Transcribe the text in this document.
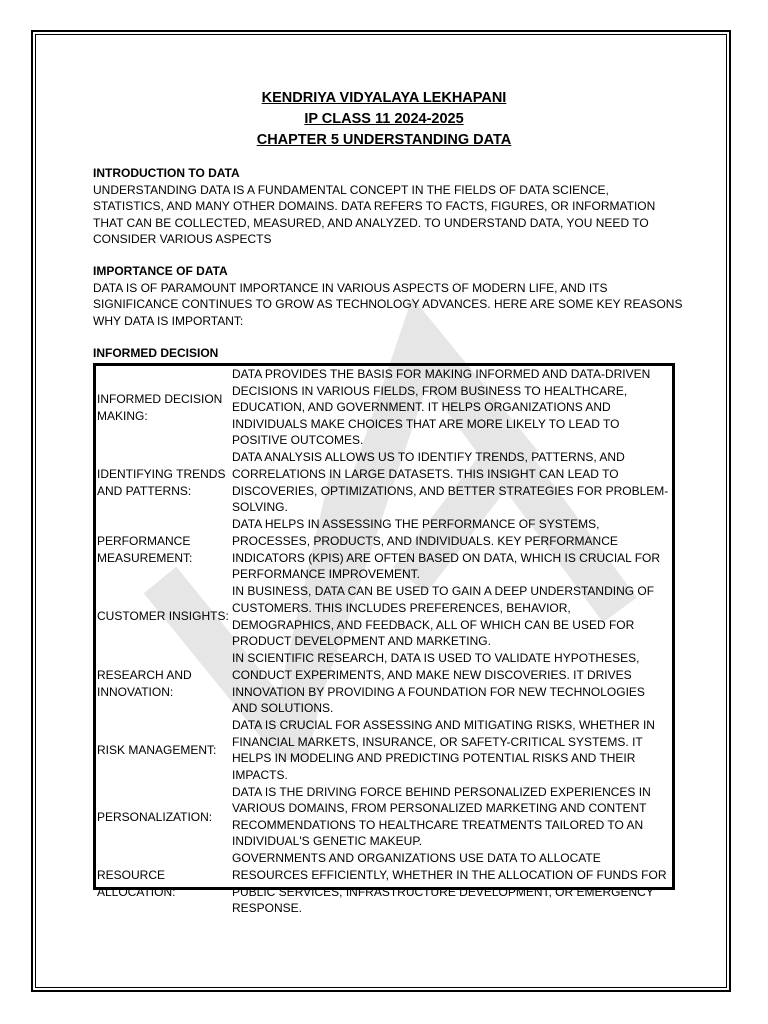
KENDRIYA VIDYALAYA LEKHAPANI
IP CLASS 11 2024-2025
CHAPTER 5 UNDERSTANDING DATA
INTRODUCTION TO DATA
UNDERSTANDING DATA IS A FUNDAMENTAL CONCEPT IN THE FIELDS OF DATA SCIENCE, STATISTICS, AND MANY OTHER DOMAINS. DATA REFERS TO FACTS, FIGURES, OR INFORMATION THAT CAN BE COLLECTED, MEASURED, AND ANALYZED. TO UNDERSTAND DATA, YOU NEED TO CONSIDER VARIOUS ASPECTS
IMPORTANCE OF DATA
DATA IS OF PARAMOUNT IMPORTANCE IN VARIOUS ASPECTS OF MODERN LIFE, AND ITS SIGNIFICANCE CONTINUES TO GROW AS TECHNOLOGY ADVANCES. HERE ARE SOME KEY REASONS WHY DATA IS IMPORTANT:
INFORMED DECISION
INFORMED DECISION MAKING:	DATA PROVIDES THE BASIS FOR MAKING INFORMED AND DATA-DRIVEN DECISIONS IN VARIOUS FIELDS, FROM BUSINESS TO HEALTHCARE, EDUCATION, AND GOVERNMENT. IT HELPS ORGANIZATIONS AND INDIVIDUALS MAKE CHOICES THAT ARE MORE LIKELY TO LEAD TO POSITIVE OUTCOMES.
IDENTIFYING TRENDS AND PATTERNS:	DATA ANALYSIS ALLOWS US TO IDENTIFY TRENDS, PATTERNS, AND CORRELATIONS IN LARGE DATASETS. THIS INSIGHT CAN LEAD TO DISCOVERIES, OPTIMIZATIONS, AND BETTER STRATEGIES FOR PROBLEM-SOLVING.
PERFORMANCE MEASUREMENT:	DATA HELPS IN ASSESSING THE PERFORMANCE OF SYSTEMS, PROCESSES, PRODUCTS, AND INDIVIDUALS. KEY PERFORMANCE INDICATORS (KPIS) ARE OFTEN BASED ON DATA, WHICH IS CRUCIAL FOR PERFORMANCE IMPROVEMENT.
CUSTOMER INSIGHTS:	IN BUSINESS, DATA CAN BE USED TO GAIN A DEEP UNDERSTANDING OF CUSTOMERS. THIS INCLUDES PREFERENCES, BEHAVIOR, DEMOGRAPHICS, AND FEEDBACK, ALL OF WHICH CAN BE USED FOR PRODUCT DEVELOPMENT AND MARKETING.
RESEARCH AND INNOVATION:	IN SCIENTIFIC RESEARCH, DATA IS USED TO VALIDATE HYPOTHESES, CONDUCT EXPERIMENTS, AND MAKE NEW DISCOVERIES. IT DRIVES INNOVATION BY PROVIDING A FOUNDATION FOR NEW TECHNOLOGIES AND SOLUTIONS.
RISK MANAGEMENT:	DATA IS CRUCIAL FOR ASSESSING AND MITIGATING RISKS, WHETHER IN FINANCIAL MARKETS, INSURANCE, OR SAFETY-CRITICAL SYSTEMS. IT HELPS IN MODELING AND PREDICTING POTENTIAL RISKS AND THEIR IMPACTS.
PERSONALIZATION:	DATA IS THE DRIVING FORCE BEHIND PERSONALIZED EXPERIENCES IN VARIOUS DOMAINS, FROM PERSONALIZED MARKETING AND CONTENT RECOMMENDATIONS TO HEALTHCARE TREATMENTS TAILORED TO AN INDIVIDUAL'S GENETIC MAKEUP.
RESOURCE ALLOCATION:	GOVERNMENTS AND ORGANIZATIONS USE DATA TO ALLOCATE RESOURCES EFFICIENTLY, WHETHER IN THE ALLOCATION OF FUNDS FOR PUBLIC SERVICES, INFRASTRUCTURE DEVELOPMENT, OR EMERGENCY RESPONSE.
